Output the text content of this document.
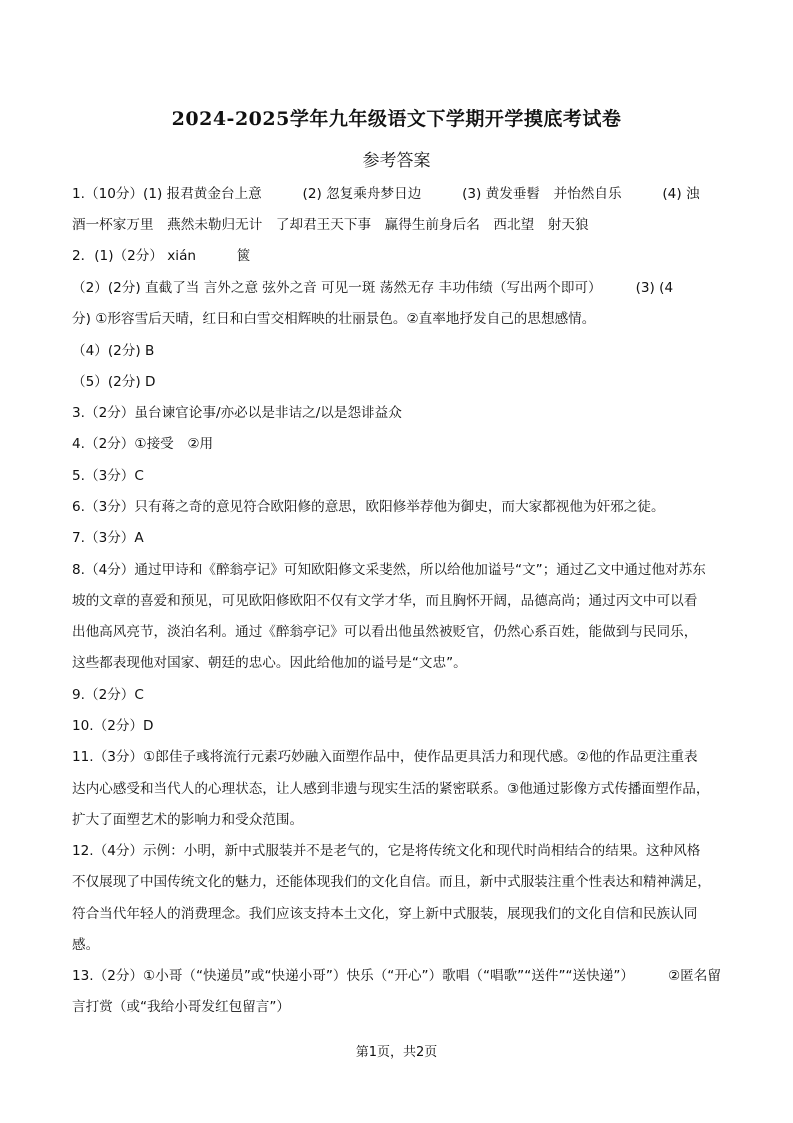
2024-2025学年九年级语文下学期开学摸底考试卷
参考答案
1.（10分）(1) 报君黄金台上意　　　(2) 忽复乘舟梦日边　　　(3) 黄发垂髫　并怡然自乐　　　(4) 浊
酒一杯家万里　燕然未勒归无计　了却君王天下事　赢得生前身后名　西北望　射天狼
2．(1)（2分） xián　　　篋
（2）(2分) 直截了当 言外之意 弦外之音 可见一斑 荡然无存 丰功伟绩（写出两个即可）　　　(3) (4
分) ①形容雪后天晴，红日和白雪交相辉映的壮丽景色。②直率地抒发自己的思想感情。
（4）(2分) B
（5）(2分) D
3.（2分）虽台谏官论事/亦必以是非诘之/以是怨诽益众
4.（2分）①接受　②用
5.（3分）C
6.（3分）只有蒋之奇的意见符合欧阳修的意思，欧阳修举荐他为御史，而大家都视他为奸邪之徒。
7.（3分）A
8.（4分）通过甲诗和《醉翁亭记》可知欧阳修文采斐然，所以给他加谥号“文”；通过乙文中通过他对苏东
坡的文章的喜爱和预见，可见欧阳修欧阳不仅有文学才华，而且胸怀开阔，品德高尚；通过丙文中可以看
出他高风亮节，淡泊名利。通过《醉翁亭记》可以看出他虽然被贬官，仍然心系百姓，能做到与民同乐，
这些都表现他对国家、朝廷的忠心。因此给他加的谥号是“文忠”。
9.（2分）C
10.（2分）D
11.（3分）①郎佳子彧将流行元素巧妙融入面塑作品中，使作品更具活力和现代感。②他的作品更注重表
达内心感受和当代人的心理状态，让人感到非遗与现实生活的紧密联系。③他通过影像方式传播面塑作品，
扩大了面塑艺术的影响力和受众范围。
12.（4分）示例：小明，新中式服装并不是老气的，它是将传统文化和现代时尚相结合的结果。这种风格
不仅展现了中国传统文化的魅力，还能体现我们的文化自信。而且，新中式服装注重个性表达和精神满足，
符合当代年轻人的消费理念。我们应该支持本土文化，穿上新中式服装，展现我们的文化自信和民族认同
感。
13.（2分）①小哥（“快递员”或“快递小哥”）快乐（“开心”）歌唱（“唱歌”“送件”“送快递”）　　　②匿名留
言打赏（或“我给小哥发红包留言”）
第1页，共2页
